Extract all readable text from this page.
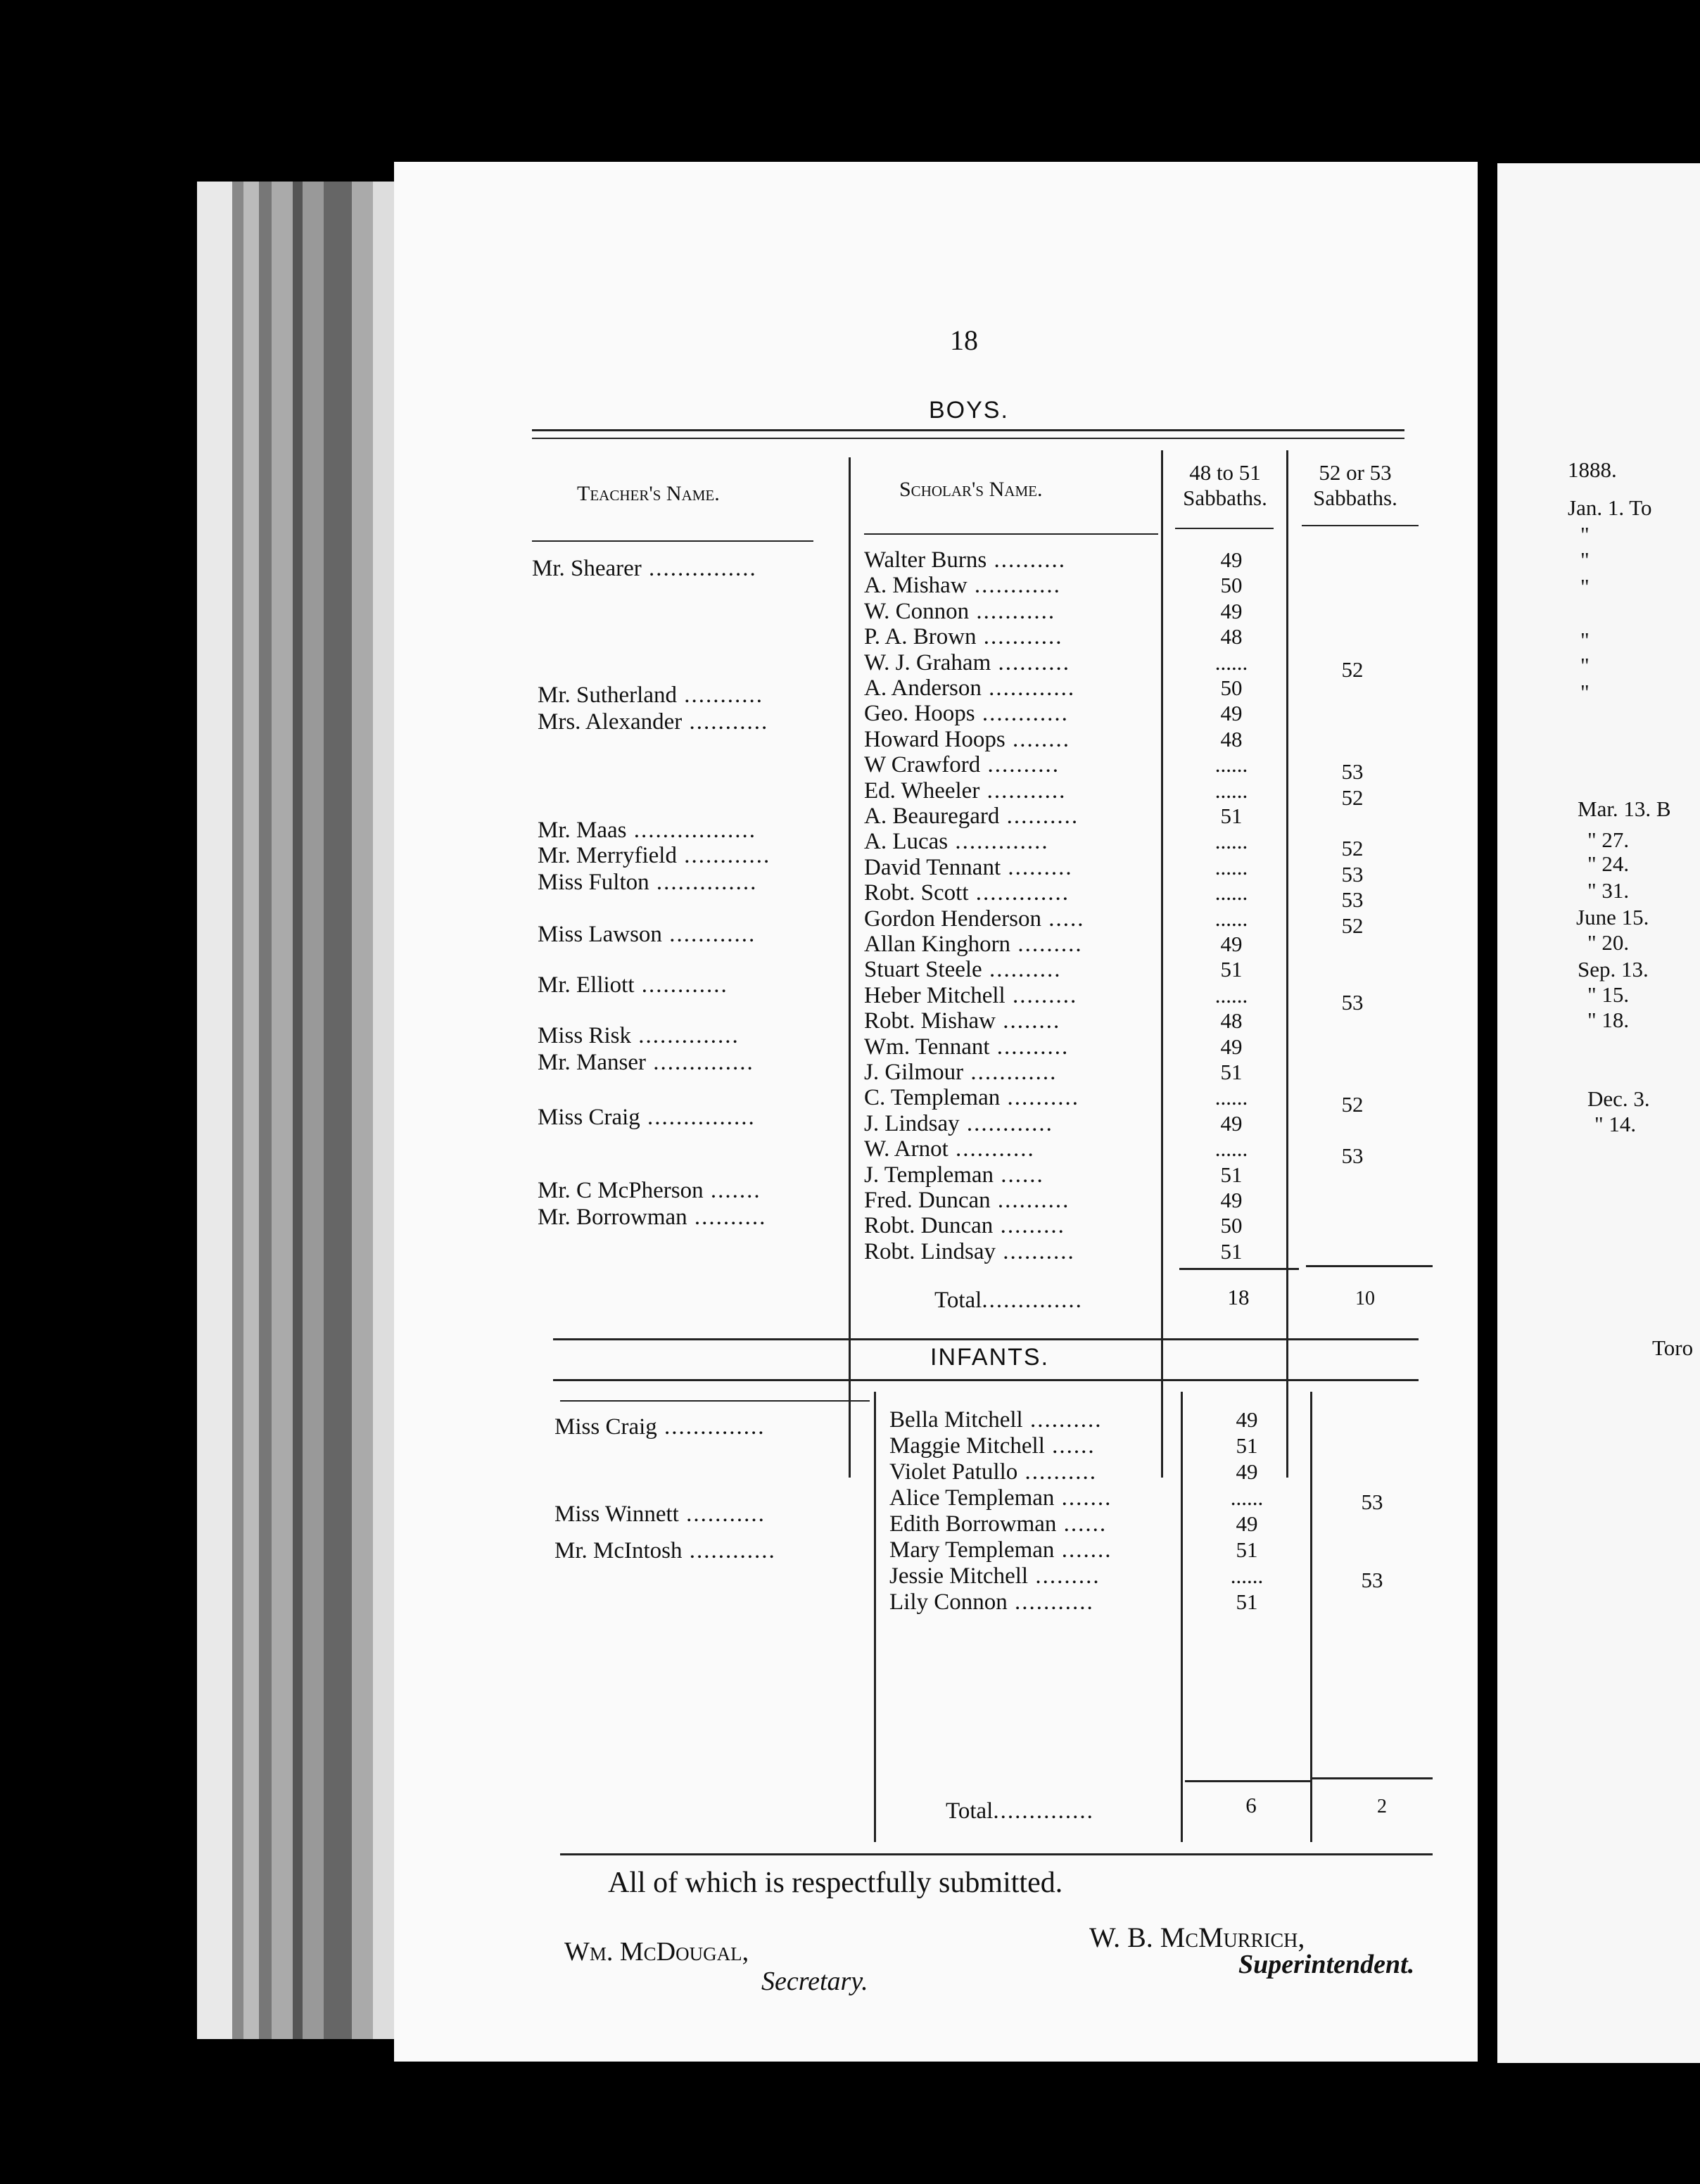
18
BOYS.
Teacher's Name.	Scholar's Name.
48 to 51
Sabbaths.
52 or 53
Sabbaths.
Mr. Shearer ...............
Mr. Sutherland ...........
Mrs. Alexander ...........
Mr. Maas .................
Mr. Merryfield ............
Miss Fulton ..............
Miss Lawson ............
Mr. Elliott ............
Miss Risk ..............
Mr. Manser ..............
Miss Craig ...............
Mr. C McPherson .......
Mr. Borrowman ..........
Walter Burns ..........	49
A. Mishaw ............	50
W. Connon ...........	49
P. A. Brown ...........	48
W. J. Graham ..........	......	52
A. Anderson ............	50
Geo. Hoops ............	49
Howard Hoops ........	48
W Crawford ..........	......	53
Ed. Wheeler ...........	......	52
A. Beauregard ..........	51
A. Lucas .............	......	52
David Tennant .........	......	53
Robt. Scott .............	......	53
Gordon Henderson .....	......	52
Allan Kinghorn .........	49
Stuart Steele ..........	51
Heber Mitchell .........	......	53
Robt. Mishaw ........	48
Wm. Tennant ..........	49
J. Gilmour ............	51
C. Templeman ..........	......	52
J. Lindsay ............	49
W. Arnot ...........	......	53
J. Templeman ......	51
Fred. Duncan ..........	49
Robt. Duncan .........	50
Robt. Lindsay ..........	51
Total..............	18	10
INFANTS.
Miss Craig ..............
Miss Winnett ...........
Mr. McIntosh ............
Bella Mitchell ..........	49
Maggie Mitchell ......	51
Violet Patullo ..........	49
Alice Templeman .......	......	53
Edith Borrowman ......	49
Mary Templeman .......	51
Jessie Mitchell .........	......	53
Lily Connon ...........	51
Total..............	6	2
All of which is respectfully submitted.
Wm. McDougal,
Secretary.
W. B. McMurrich,
Superintendent.
1888.
Jan. 1. To
"
"
"
"
"
"
Mar. 13. B
" 27.
" 24.
" 31.
June 15.
" 20.
Sep. 13.
" 15.
" 18.
Dec. 3.
" 14.
Toro
